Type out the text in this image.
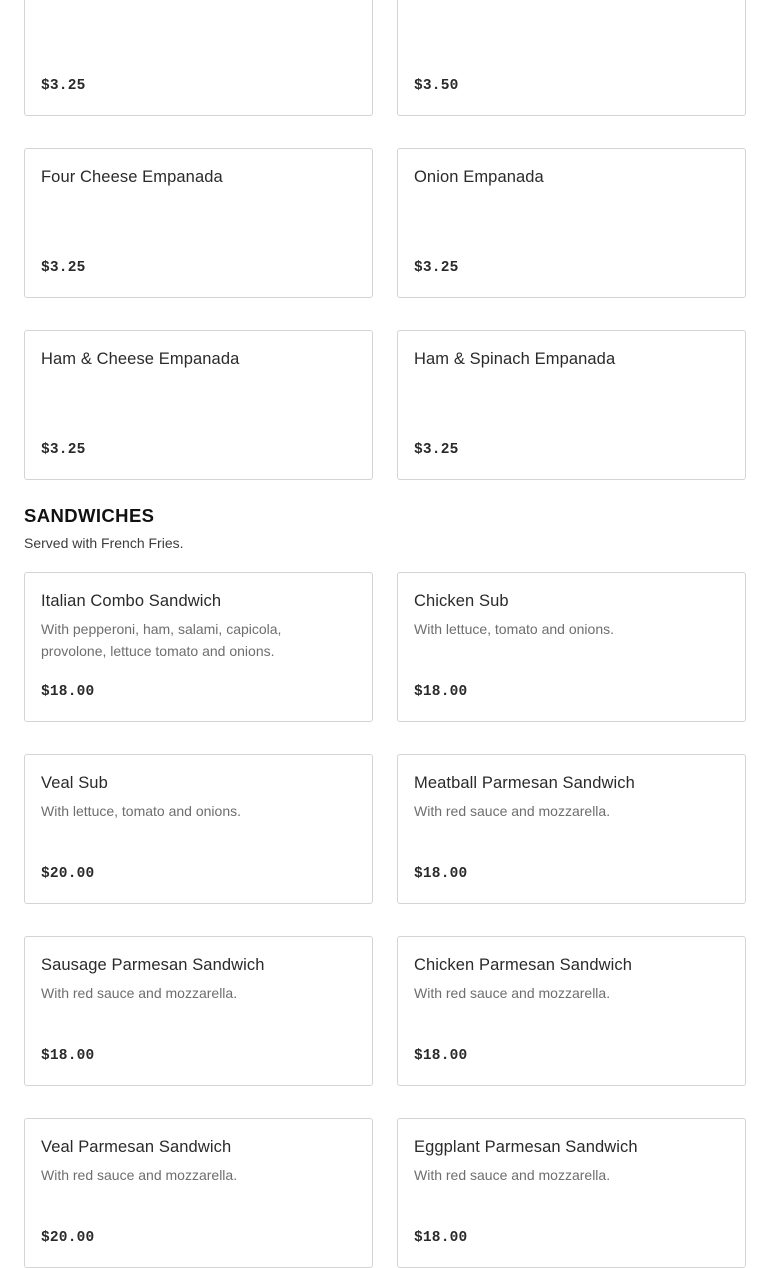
$3.25	$3.50
Four Cheese Empanada
$3.25
Onion Empanada
$3.25
Ham & Cheese Empanada
$3.25
Ham & Spinach Empanada
$3.25
SANDWICHES
Served with French Fries.
Italian Combo Sandwich
With pepperoni, ham, salami, capicola, provolone, lettuce tomato and onions.
$18.00
Chicken Sub
With lettuce, tomato and onions.
$18.00
Veal Sub
With lettuce, tomato and onions.
$20.00
Meatball Parmesan Sandwich
With red sauce and mozzarella.
$18.00
Sausage Parmesan Sandwich
With red sauce and mozzarella.
$18.00
Chicken Parmesan Sandwich
With red sauce and mozzarella.
$18.00
Veal Parmesan Sandwich
With red sauce and mozzarella.
$20.00
Eggplant Parmesan Sandwich
With red sauce and mozzarella.
$18.00
